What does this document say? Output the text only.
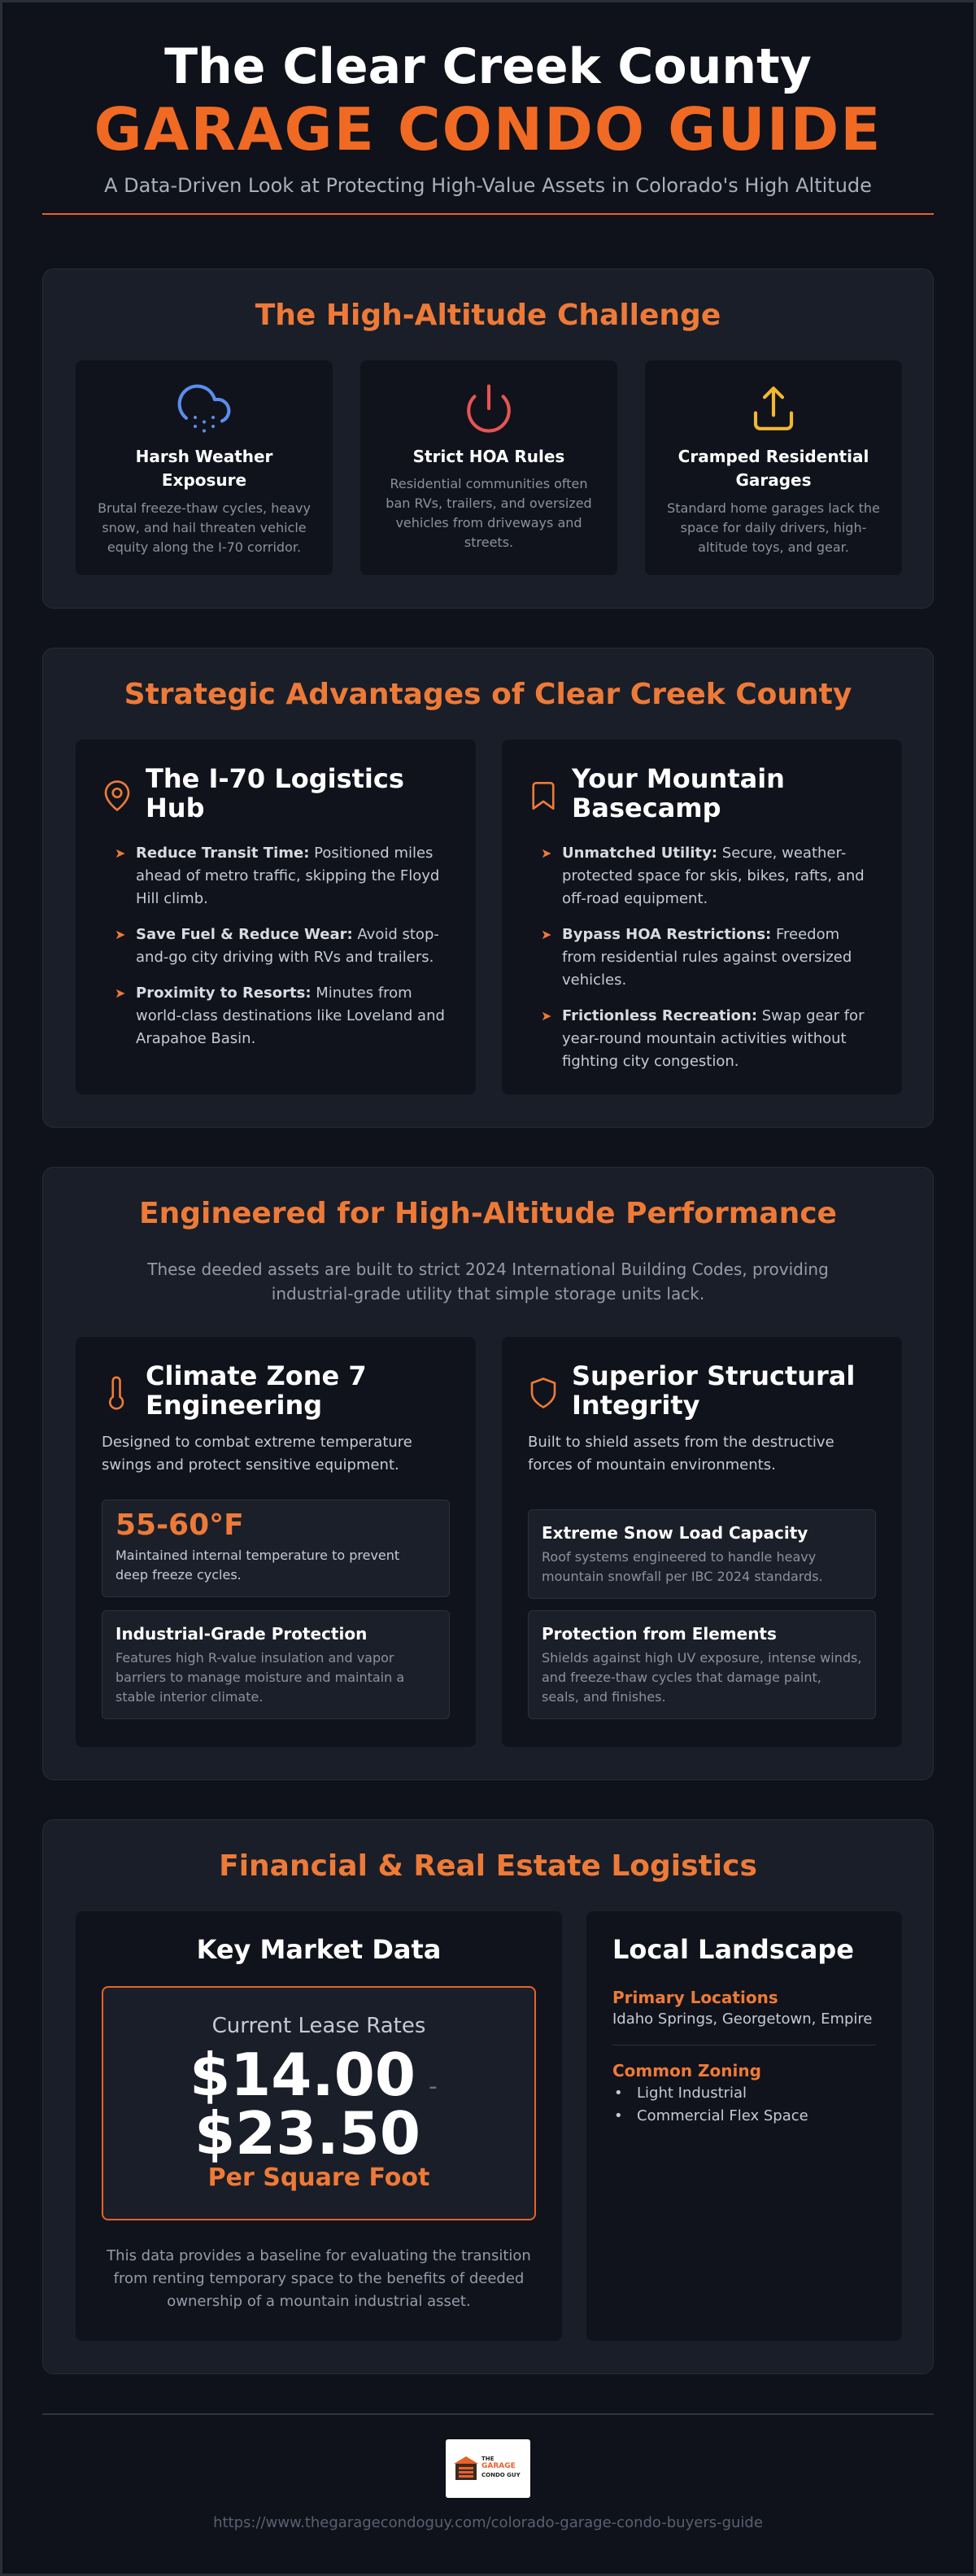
The Clear Creek County
GARAGE CONDO GUIDE
A Data-Driven Look at Protecting High-Value Assets in Colorado's High Altitude
The High-Altitude Challenge
Harsh Weather Exposure
Brutal freeze-thaw cycles, heavy snow, and hail threaten vehicle equity along the I-70 corridor.
Strict HOA Rules
Residential communities often ban RVs, trailers, and oversized vehicles from driveways and streets.
Cramped Residential Garages
Standard home garages lack the space for daily drivers, high-altitude toys, and gear.
Strategic Advantages of Clear Creek County
The I-70 Logistics Hub
➤ Reduce Transit Time: Positioned miles ahead of metro traffic, skipping the Floyd Hill climb.
➤ Save Fuel & Reduce Wear: Avoid stop-and-go city driving with RVs and trailers.
➤ Proximity to Resorts: Minutes from world-class destinations like Loveland and Arapahoe Basin.
Your Mountain Basecamp
➤ Unmatched Utility: Secure, weather-protected space for skis, bikes, rafts, and off-road equipment.
➤ Bypass HOA Restrictions: Freedom from residential rules against oversized vehicles.
➤ Frictionless Recreation: Swap gear for year-round mountain activities without fighting city congestion.
Engineered for High-Altitude Performance
These deeded assets are built to strict 2024 International Building Codes, providing industrial-grade utility that simple storage units lack.
Climate Zone 7 Engineering
Designed to combat extreme temperature swings and protect sensitive equipment.
55-60°F
Maintained internal temperature to prevent deep freeze cycles.
Industrial-Grade Protection
Features high R-value insulation and vapor barriers to manage moisture and maintain a stable interior climate.
Superior Structural Integrity
Built to shield assets from the destructive forces of mountain environments.
Extreme Snow Load Capacity
Roof systems engineered to handle heavy mountain snowfall per IBC 2024 standards.
Protection from Elements
Shields against high UV exposure, intense winds, and freeze-thaw cycles that damage paint, seals, and finishes.
Financial & Real Estate Logistics
Key Market Data
Current Lease Rates
$14.00 -
$23.50
Per Square Foot
This data provides a baseline for evaluating the transition from renting temporary space to the benefits of deeded ownership of a mountain industrial asset.
Local Landscape
Primary Locations
Idaho Springs, Georgetown, Empire
Common Zoning
• Light Industrial
• Commercial Flex Space
THE
GARAGE
CONDO GUY
https://www.thegaragecondoguy.com/colorado-garage-condo-buyers-guide
